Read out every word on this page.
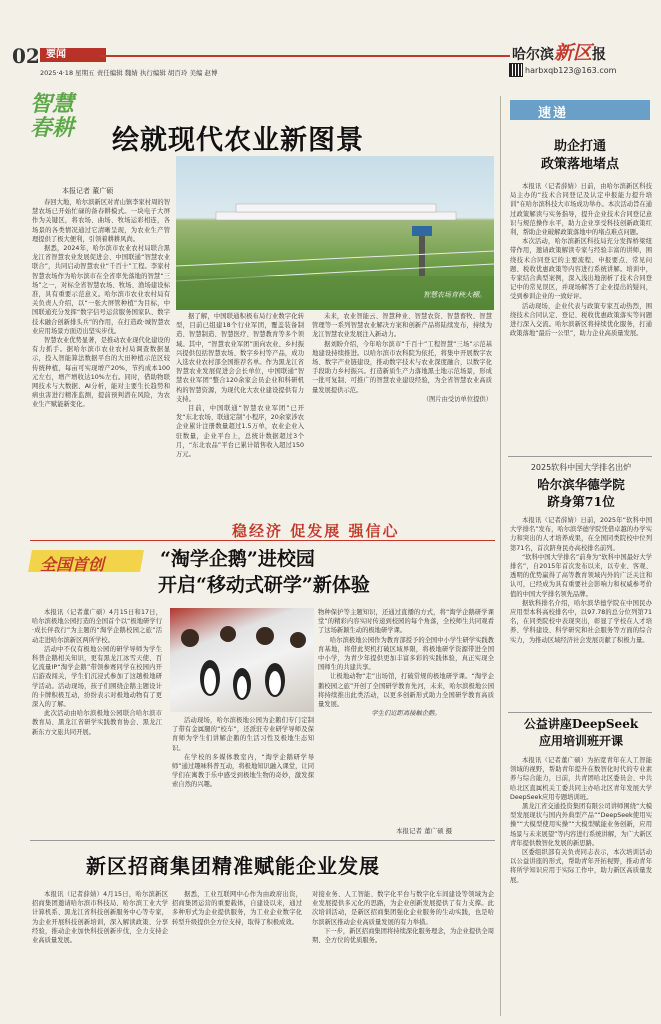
02 要闻
2025·4·18 星期五 责任编辑 魏婧 执行编辑 胡百玲 美编 赵博
哈尔滨新区报
harbxqb123@163.com
智慧
春耕	绘就现代农业新图景
本报记者 董广硕
智慧农场育秧大棚。
春回大地，哈尔滨新区对青山镇李家村周的智慧农场已开始忙碌的备春耕模式。一块电子大屏作为关键区，将农场、曲场、牧场运彩相连，各场景的各类情况通过它清晰呈现，为农业生产管理提供了极大便利，引领着耕耕风尚。
据悉，2024年，哈尔滨市农业农村局联合黑龙江省智慧农业发展促进会、中国联通“智慧农业联合”，共同启动智慧农业“千百十”工程。李家村智慧农场作为哈尔滨市在全省率先落地的智慧“三场”之一，对标全省智慧农场、牧场、渔场建设标准，具有重要示范意义。哈尔滨市农业农村局有关负责人介绍，以“一张大屏管种植”为目标，中国联通充分发挥“数字信号运营服务国家队、数字技术融合创新排头兵”的作用，在打造政·城智慧农业应用场景方面迈出坚实步伐。
智慧农业优势显著，是推动农业现代化建设的有力抓手。据哈尔滨市农业农村局调查数据显示，投入智能算法数据平台的大田种植示范区较传统种植，每亩可实现增产20%，节约成本100元左右，增产增收达10%左右。同时，借助物联网技术与大数据、AI分析，能对主要生长趋势和病虫害进行精准监测，提前预判潜在风险，为农业生产赋能新变化。
据了解，中国联通积极布局行业数字化转型，目前已组建18个行业军团，覆盖装备制造、智慧制造、智慧医疗、智慧教育等多个领域。其中，“智慧农业军团”面向农业、乡村振兴提供包括智慧农场、数字乡村等产品，成功入选农业农村部全国推荐名单。作为黑龙江省智慧农业发展促进会会长单位，中国联通“智慧农业军团”整合120余家会员企业和科研机构的智慧资源，为现代化大农业建设提供有力支持。
目前，中国联通“智慧农业军团”已开发“东北农场、联通定制”小程序，20余家涉农企业累计注册数量超过1.5万单，农业企业入驻数量，企业平台上，总统计数据超过3个月，“东北农品”平台已累计销售收入超过150万元。
未来，农业智能云、智慧种业、智慧农资、智慧畜牧、智慧管理等一系列智慧农业解决方案和创新产品将陆续发布，持续为龙江智慧农业发展注入新动力。
据刘盼介绍，今年哈尔滨市“千百十”工程智慧“三场”示范基地建设持续推进。以哈尔滨市农科院为依托，将集中开展数字农场、数字产业链建设，推动数字技术与农业深度融合，以数字化手段助力乡村振兴。打造新质生产力落地黑土地示范场景，形成一批可复制、可推广的智慧农业建设经验，为全省智慧农业高质量发展提供示范。
（图片由受访单位提供）
稳经济 促发展 强信心
全国首创	“淘学企鹅”进校园
开启“移动式研学”新体验
本报讯（记者董广硕）4月15日和17日，哈尔滨极地公园打造的全国首个以“极地研学行·成长伴我行”为主题的“淘学企鹅校园之旅”活动走进哈尔滨新区两所学校。
活动中不仅有极地公园的研学导师为学生科普企鹅相关知识，更有黑龙江冰雪天使、百亿流量IP“淘学企鹅”带领参赛同学在校园内开启游戏闯关，学生们沉浸式参加了这趟极地研学活动。活动现场，孩子们围绕企鹅主题设计的卡牌积极互动，纷纷表示对极地动物有了更深入的了解。
此次活动由哈尔滨极地公园联合哈尔滨市教育局、黑龙江省研学实践教育协会、黑龙江新东方文旅共同开展。
活动现场，哈尔滨极地公园为企鹅们专门定制了带有金属腿的“校车”，还派驻专业研学导师及保育师为学生们讲解企鹅的生活习性及极地生态知识。
在学校的多媒体教室内，“淘学企鹅研学导师”通过趣味科普互动，将极地知识融入课堂，让同学们在寓教于乐中感受到极地生物的奇妙，激发探索自然的兴趣。
物种保护等主题知识，还通过直播的方式，将“淘学企鹅研学课堂”的精彩内容实时传递到校园的每个角落，全校师生共同观看了这场新颖生动的极地研学课。
哈尔滨极地公园作为教育部授予的全国中小学生研学实践教育基地，将借此契机打破区域界限，将极地研学资源带进全国中小学，为青少年提供更加丰富多彩的实践体验，真正实现全国师生的共建共享。
让极地动物“走”出场馆，打破常规的极地研学课。“淘学企鹅校园之旅”开创了全国研学教育先河，未来，哈尔滨极地公园将持续推出此类活动，以更多创新形式助力全国研学教育高质量发展。
学生们近距离接触企鹅。
本报记者 董广硕 摄
新区招商集团精准赋能企业发展
本报讯（记者薛婧）4月15日，哈尔滨新区招商集团邀请哈尔滨市科技局、哈尔滨工业大学计算机系、黑龙江省科技创新服务中心等专家，为企业开展科技创新培训，深入解读政策、分享经验，推动企业加快科技创新步伐，全力支持企业高质量发展。
据悉，工业互联网中心作为由政府出资，招商集团运营的重要载体，自建设以来，通过多种形式为企业提供服务，为工业企业数字化转型升级提供全方位支持，取得了积极成效。
对接业务、人工智能、数字化平台与数字化车间建设等领域为企业发展提供多元化的思路，为企业创新发展提供了有力支撑。此次培训活动，是新区招商集团强化企业服务的生动实践，也是哈尔滨新区推动企业高质量发展的有力举措。
下一步，新区招商集团将持续深化服务理念，为企业提供全周期、全方位的优质服务。
速递
助企打通
政策落地堵点
本报讯（记者薛婧）日前，由哈尔滨新区科技局主办的“技术合同登记及认定申报能力提升培训”在哈尔滨科技大市场成功举办。本次活动旨在通过政策解读与实务指导，提升企业技术合同登记意识与规范操作水平，助力企业享受科技创新政策红利，帮助企业破解政策落地中的堵点难点问题。
本次活动，哈尔滨新区科技局充分发挥桥梁纽带作用，邀请政策解读专家与经验丰富的讲师，围绕技术合同登记的主要流程、申报要点、常见问题、税收优惠政策等内容进行系统讲解。培训中，专家结合典型案例，深入浅出地剖析了技术合同登记中的常见误区，并现场解答了企业提出的疑问，受到参训企业的一致好评。
活动现场，企业代表与政策专家互动热烈，围绕技术合同认定、登记、税收优惠政策落实等问题进行深入交流。哈尔滨新区将持续优化服务，打通政策落地“最后一公里”，助力企业高质量发展。
2025软科中国大学排名出炉
哈尔滨华德学院
跻身第71位
本报讯（记者薛婧）日前，2025年“软科中国大学排名”发布，哈尔滨华德学院凭借卓越的办学实力和突出的人才培养成果，在全国同类院校中位列第71名，首次跻身民办高校排名前列。
“软科中国大学排名”前身为“软科中国最好大学排名”，自2015年首次发布以来，以专业、客观、透明的优势赢得了高等教育领域内外的广泛关注和认可，已经成为具有重要社会影响力和权威参考价值的中国大学排名领先品牌。
据软科排名介绍，哈尔滨华德学院在中国民办应用型本科高校排名中，以97.78的总分位列第71名，在同类院校中表现突出，彰显了学校在人才培养、学科建设、科学研究和社会服务等方面的综合实力，为推动区域经济社会发展贡献了积极力量。
公益讲座DeepSeek
应用培训班开课
本报讯（记者董广硕）为拓宽青年在人工智能领域的视野，帮助青年提升在数智化时代的专业素养与综合能力，日前，共青团哈北区委员会、中共哈北区直属机关工委共同主办哈北区青年发展大学DeepSeek应用专题培训班。
黑龙江省交通投资集团有限公司讲师围绕“大模型发展现状与国内外典型产品”“DeepSeek使用实操”“大模型使用实操”“大模型赋能业务创新，应用场景与未来展望”等内容进行系统讲解，为广大新区青年提供数智化发展的新思路。
区委组织部有关负责同志表示，本次培训活动以公益讲座的形式，帮助青年开拓视野，推动青年将所学知识应用于实际工作中，助力新区高质量发展。
